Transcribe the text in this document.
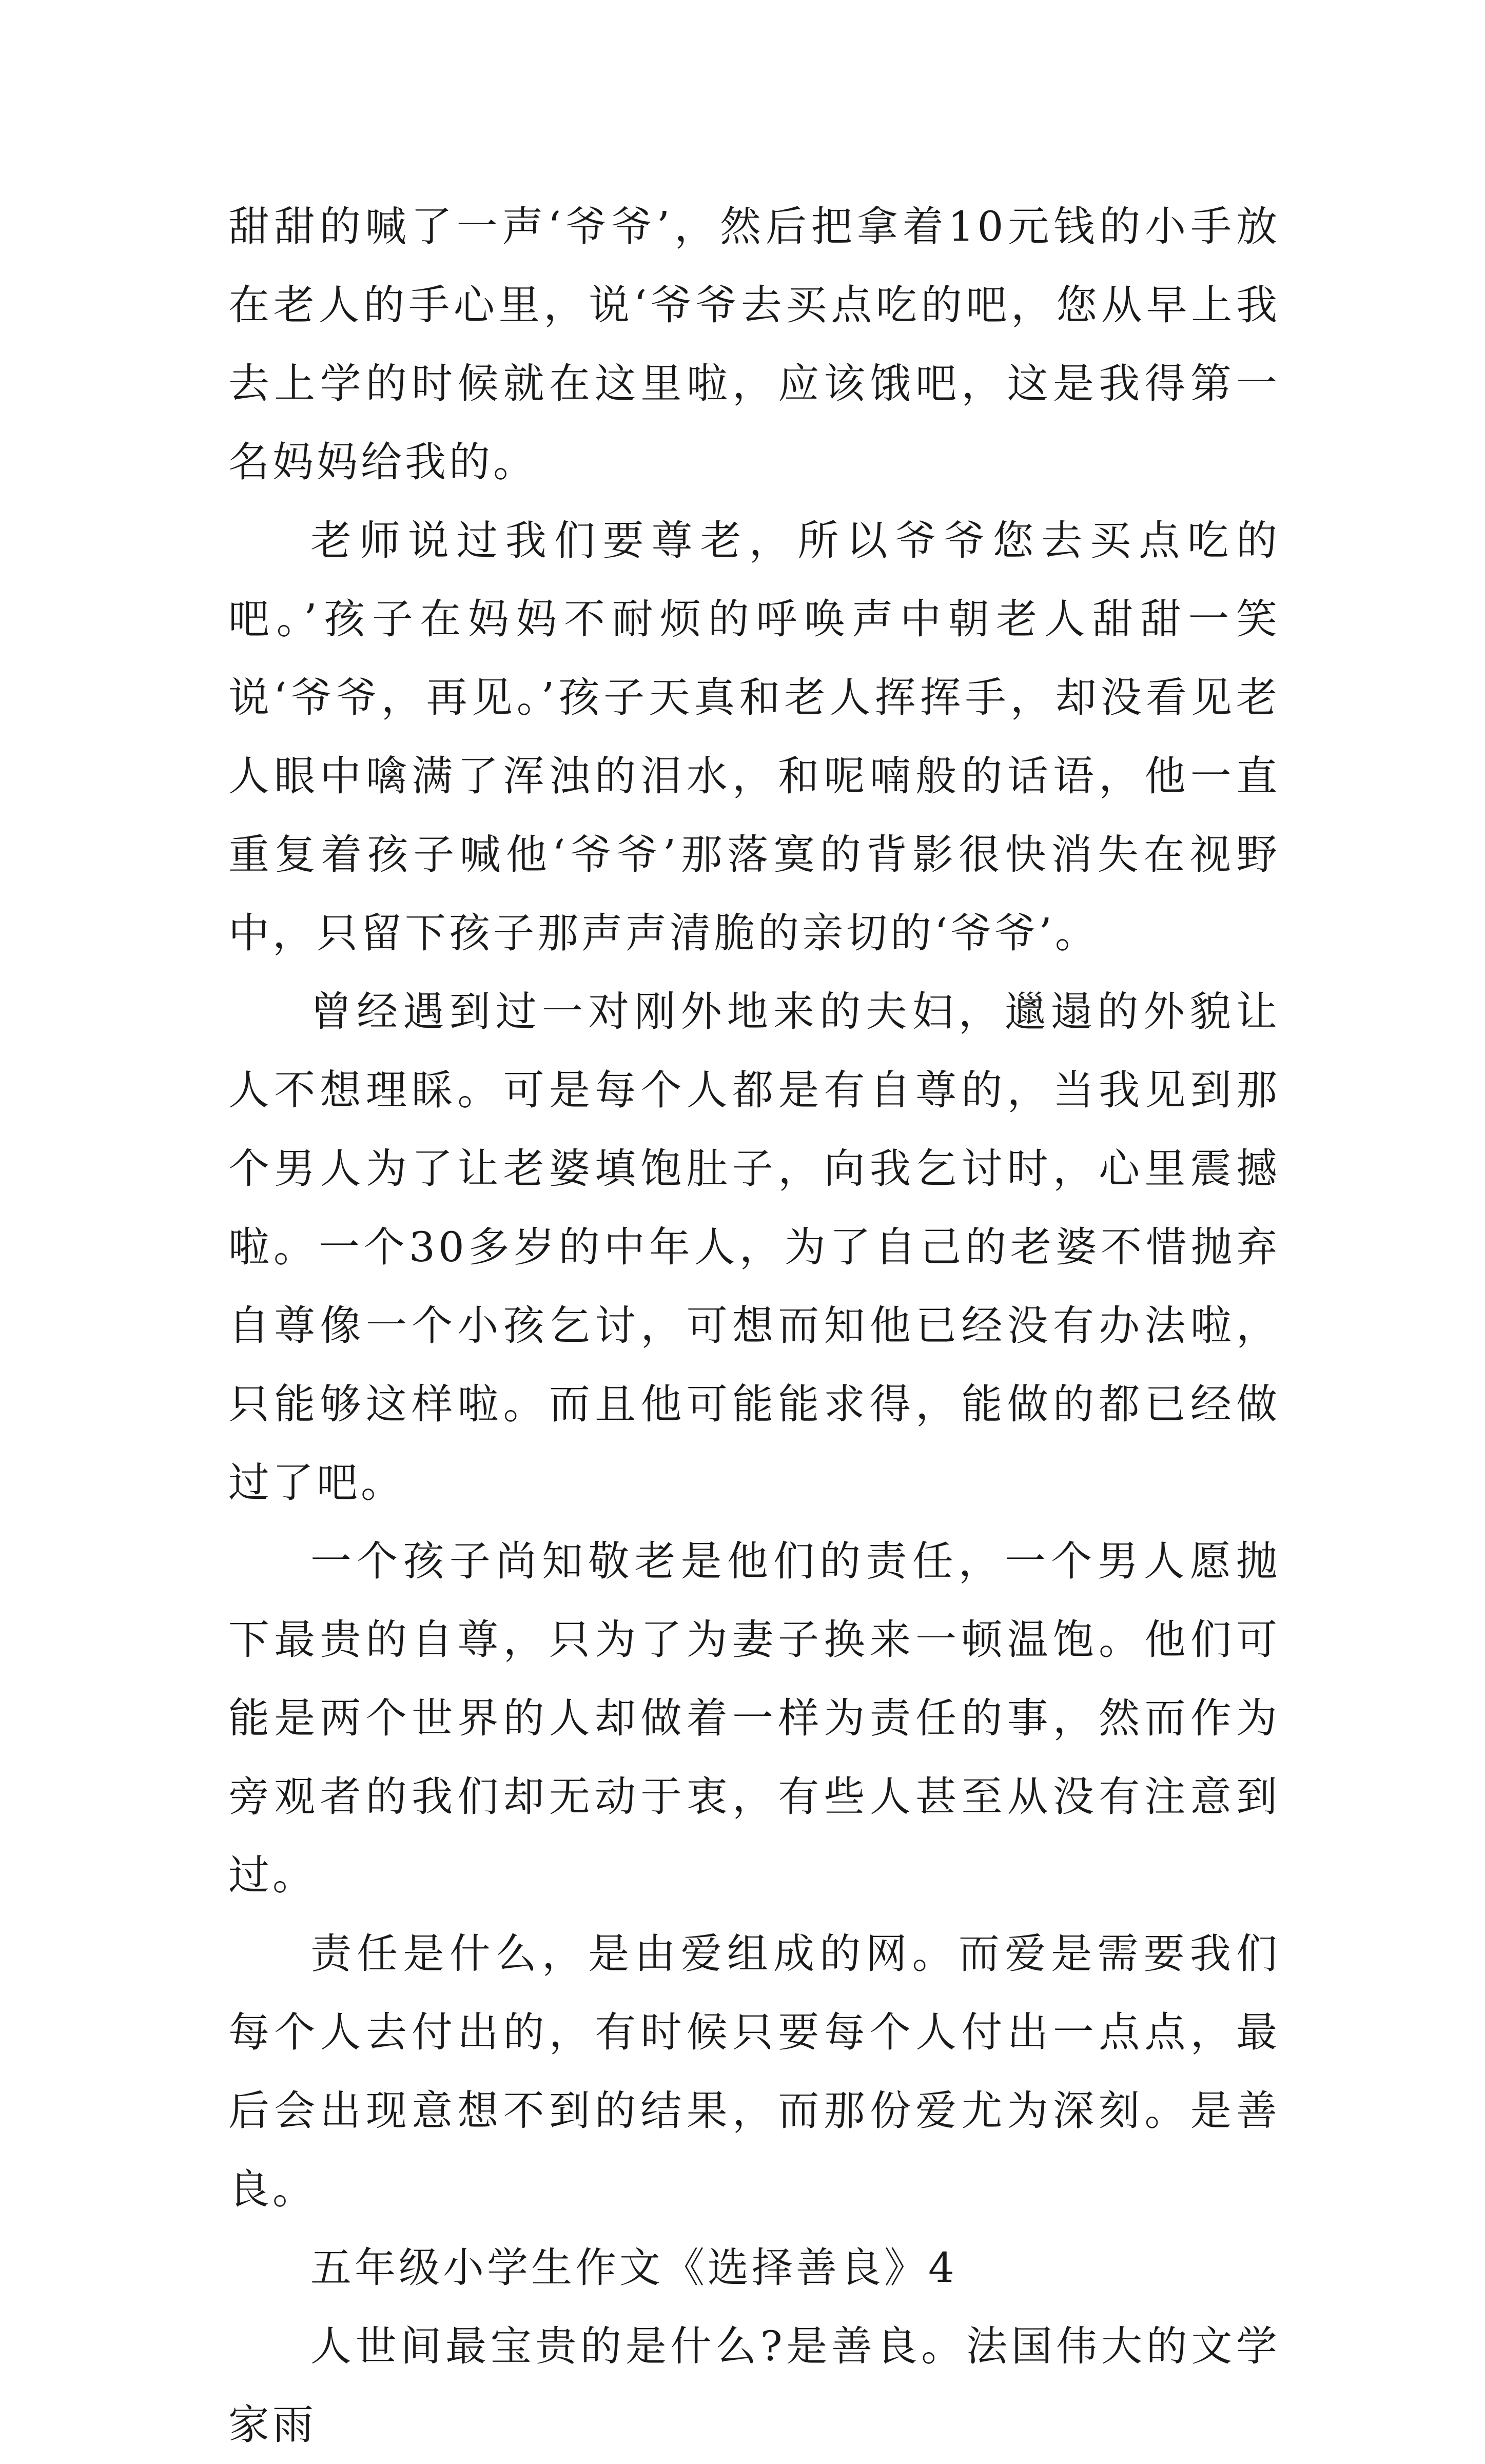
甜甜的喊了一声‘爷爷’，然后把拿着10元钱的小手放在老人的手心里，说‘爷爷去买点吃的吧，您从早上我去上学的时候就在这里啦，应该饿吧，这是我得第一名妈妈给我的。

老师说过我们要尊老，所以爷爷您去买点吃的吧。’孩子在妈妈不耐烦的呼唤声中朝老人甜甜一笑说‘爷爷，再见。’孩子天真和老人挥挥手，却没看见老人眼中噙满了浑浊的泪水，和呢喃般的话语，他一直重复着孩子喊他‘爷爷’那落寞的背影很快消失在视野中，只留下孩子那声声清脆的亲切的‘爷爷’。

曾经遇到过一对刚外地来的夫妇，邋遢的外貌让人不想理睬。可是每个人都是有自尊的，当我见到那个男人为了让老婆填饱肚子，向我乞讨时，心里震撼啦。一个30多岁的中年人，为了自己的老婆不惜抛弃自尊像一个小孩乞讨，可想而知他已经没有办法啦，只能够这样啦。而且他可能能求得，能做的都已经做过了吧。

一个孩子尚知敬老是他们的责任，一个男人愿抛下最贵的自尊，只为了为妻子换来一顿温饱。他们可能是两个世界的人却做着一样为责任的事，然而作为旁观者的我们却无动于衷，有些人甚至从没有注意到过。

责任是什么，是由爱组成的网。而爱是需要我们每个人去付出的，有时候只要每个人付出一点点，最后会出现意想不到的结果，而那份爱尤为深刻。是善良。

五年级小学生作文《选择善良》4

人世间最宝贵的是什么?是善良。法国伟大的文学家雨
